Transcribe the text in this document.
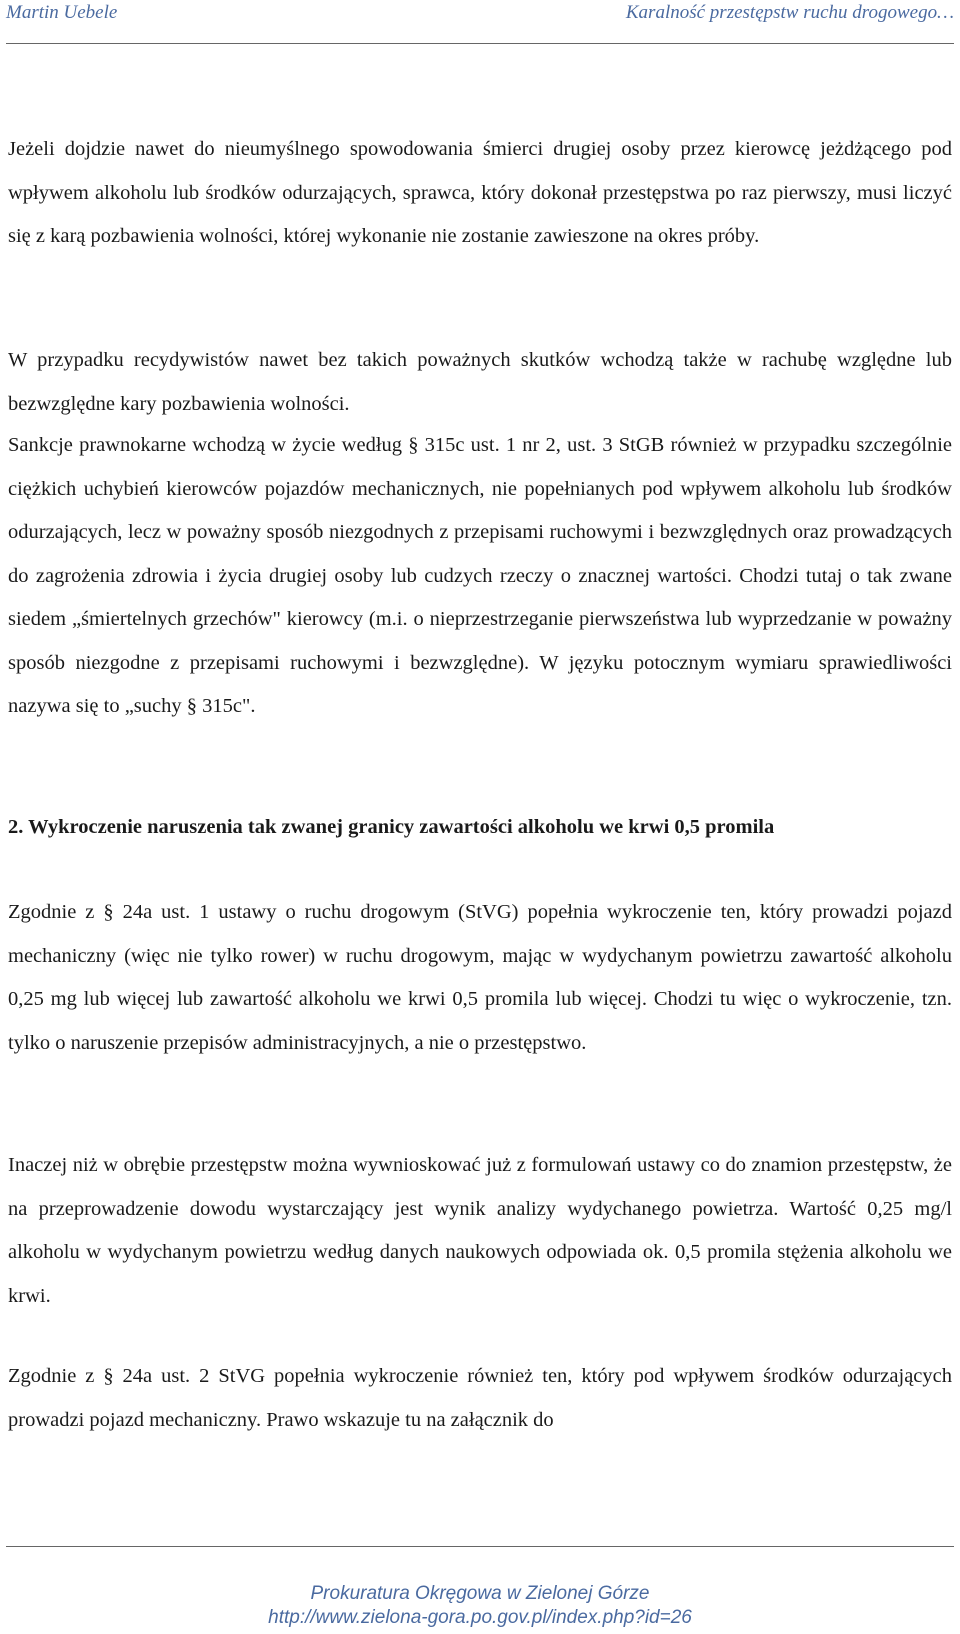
Martin Uebele	Karalność przestępstw ruchu drogowego…

Jeżeli dojdzie nawet do nieumyślnego spowodowania śmierci drugiej osoby przez kierowcę jeżdżącego pod wpływem alkoholu lub środków odurzających, sprawca, który dokonał przestępstwa po raz pierwszy, musi liczyć się z karą pozbawienia wolności, której wykonanie nie zostanie zawieszone na okres próby.

W przypadku recydywistów nawet bez takich poważnych skutków wchodzą także w rachubę względne lub bezwzględne kary pozbawienia wolności.

Sankcje prawnokarne wchodzą w życie według § 315c ust. 1 nr 2, ust. 3 StGB również w przypadku szczególnie ciężkich uchybień kierowców pojazdów mechanicznych, nie popełnianych pod wpływem alkoholu lub środków odurzających, lecz w poważny sposób niezgodnych z przepisami ruchowymi i bezwzględnych oraz prowadzących do zagrożenia zdrowia i życia drugiej osoby lub cudzych rzeczy o znacznej wartości. Chodzi tutaj o tak zwane siedem „śmiertelnych grzechów" kierowcy (m.i. o nieprzestrzeganie pierwszeństwa lub wyprzedzanie w poważny sposób niezgodne z przepisami ruchowymi i bezwzględne). W języku potocznym wymiaru sprawiedliwości nazywa się to „suchy § 315c".

2. Wykroczenie naruszenia tak zwanej granicy zawartości alkoholu we krwi 0,5 promila

Zgodnie z § 24a ust. 1 ustawy o ruchu drogowym (StVG) popełnia wykroczenie ten, który prowadzi pojazd mechaniczny (więc nie tylko rower) w ruchu drogowym, mając w wydychanym powietrzu zawartość alkoholu 0,25 mg lub więcej lub zawartość alkoholu we krwi 0,5 promila lub więcej. Chodzi tu więc o wykroczenie, tzn. tylko o naruszenie przepisów administracyjnych, a nie o przestępstwo.

Inaczej niż w obrębie przestępstw można wywnioskować już z formulowań ustawy co do znamion przestępstw, że na przeprowadzenie dowodu wystarczający jest wynik analizy wydychanego powietrza. Wartość 0,25 mg/l alkoholu w wydychanym powietrzu według danych naukowych odpowiada ok. 0,5 promila stężenia alkoholu we krwi.

Zgodnie z § 24a ust. 2 StVG popełnia wykroczenie również ten, który pod wpływem środków odurzających prowadzi pojazd mechaniczny. Prawo wskazuje tu na załącznik do

Prokuratura Okręgowa w Zielonej Górze
http://www.zielona-gora.po.gov.pl/index.php?id=26
